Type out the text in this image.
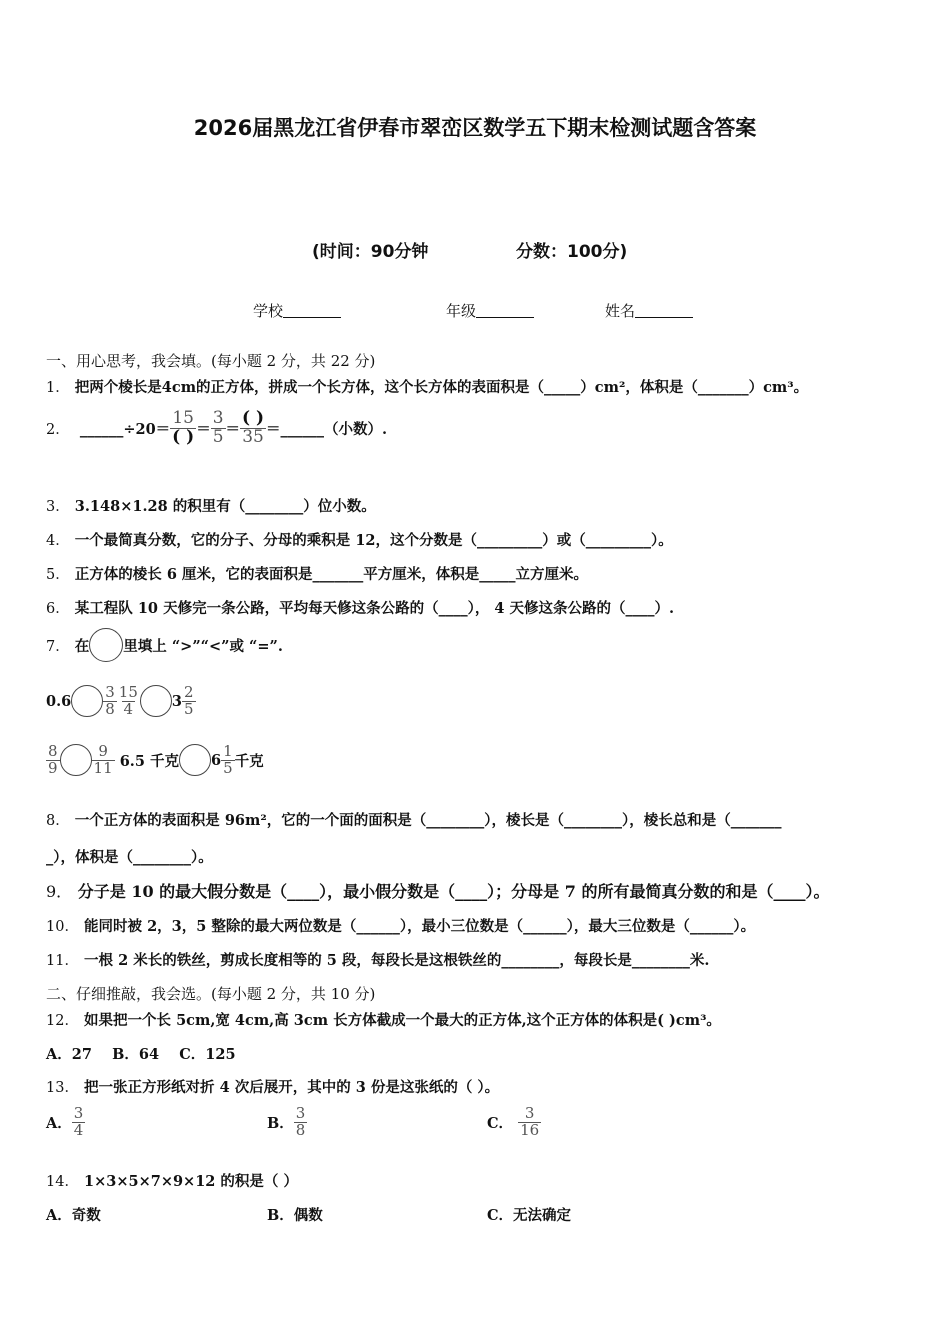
2026届黑龙江省伊春市翠峦区数学五下期末检测试题含答案
(时间：90分钟	分数：100分)
学校	年级	姓名
一、用心思考，我会填。(每小题 2 分，共 22 分)
1． 把两个棱长是4cm的正方体，拼成一个长方体，这个长方体的表面积是（_____）cm²，体积是（_______）cm³。
2．
______÷20＝ $\frac{15}{( )} = \frac{3}{5} = \frac{( )}{35}$ ＝______（小数）.
3． 3.148×1.28 的积里有（________）位小数。
4． 一个最简真分数，它的分子、分母的乘积是 12，这个分数是（_________）或（_________）。
5． 正方体的棱长 6 厘米，它的表面积是_______平方厘米，体积是_____立方厘米。
6． 某工程队 10 天修完一条公路，平均每天修这条公路的（____）， 4 天修这条公路的（____）.
7．
在 里填上 “>”“<”或 “=”.
$0.6 \frac{3}{8} \frac{15}{4} 3 \frac{2}{5}$
$\frac{8}{9} \frac{9}{11}$
6.5 千克 $6 \frac{1}{5}$ 千克
8． 一个正方体的表面积是 96m²，它的一个面的面积是（________），棱长是（________），棱长总和是（_______
_），体积是（________）。
9． 分子是 10 的最大假分数是（____），最小假分数是（____）；分母是 7 的所有最简真分数的和是（____）。
10． 能同时被 2，3，5 整除的最大两位数是（______），最小三位数是（______），最大三位数是（______）。
11． 一根 2 米长的铁丝，剪成长度相等的 5 段，每段长是这根铁丝的________，每段长是________米.
二、仔细推敲，我会选。(每小题 2 分，共 10 分)
12． 如果把一个长 5cm,宽 4cm,高 3cm 长方体截成一个最大的正方体,这个正方体的体积是( )cm³。
A．27    B．64    C．125
13． 把一张正方形纸对折 4 次后展开，其中的 3 份是这张纸的（ ）。
A． $\frac{3}{4}$	B． $\frac{3}{8}$	C．
$\frac{3}{16}$
14． 1×3×5×7×9×12 的积是（ ）
A．奇数	B．偶数	C．无法确定
